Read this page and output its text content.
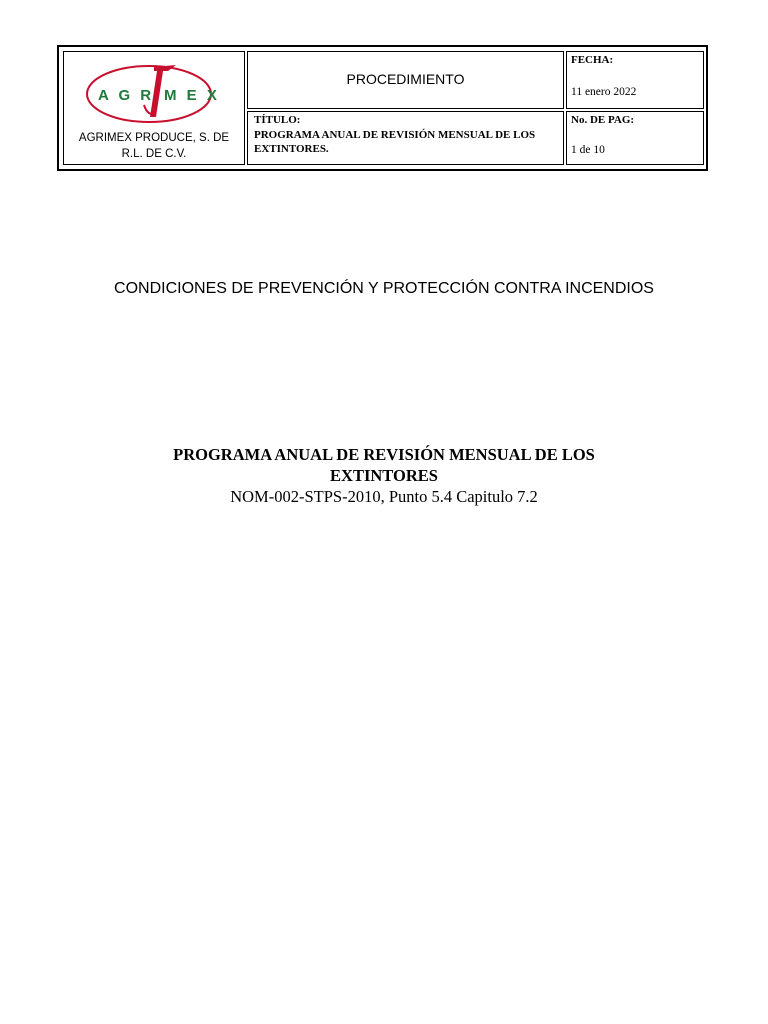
A G R M E X
AGRIMEX PRODUCE, S. DE R.L. DE C.V.
PROCEDIMIENTO
FECHA:
11 enero 2022
TÍTULO:
PROGRAMA ANUAL DE REVISIÓN MENSUAL DE LOS EXTINTORES.
No. DE PAG:
1 de 10
CONDICIONES DE PREVENCIÓN Y PROTECCIÓN CONTRA INCENDIOS
PROGRAMA ANUAL DE REVISIÓN MENSUAL DE LOS EXTINTORES
NOM-002-STPS-2010, Punto 5.4 Capitulo 7.2
